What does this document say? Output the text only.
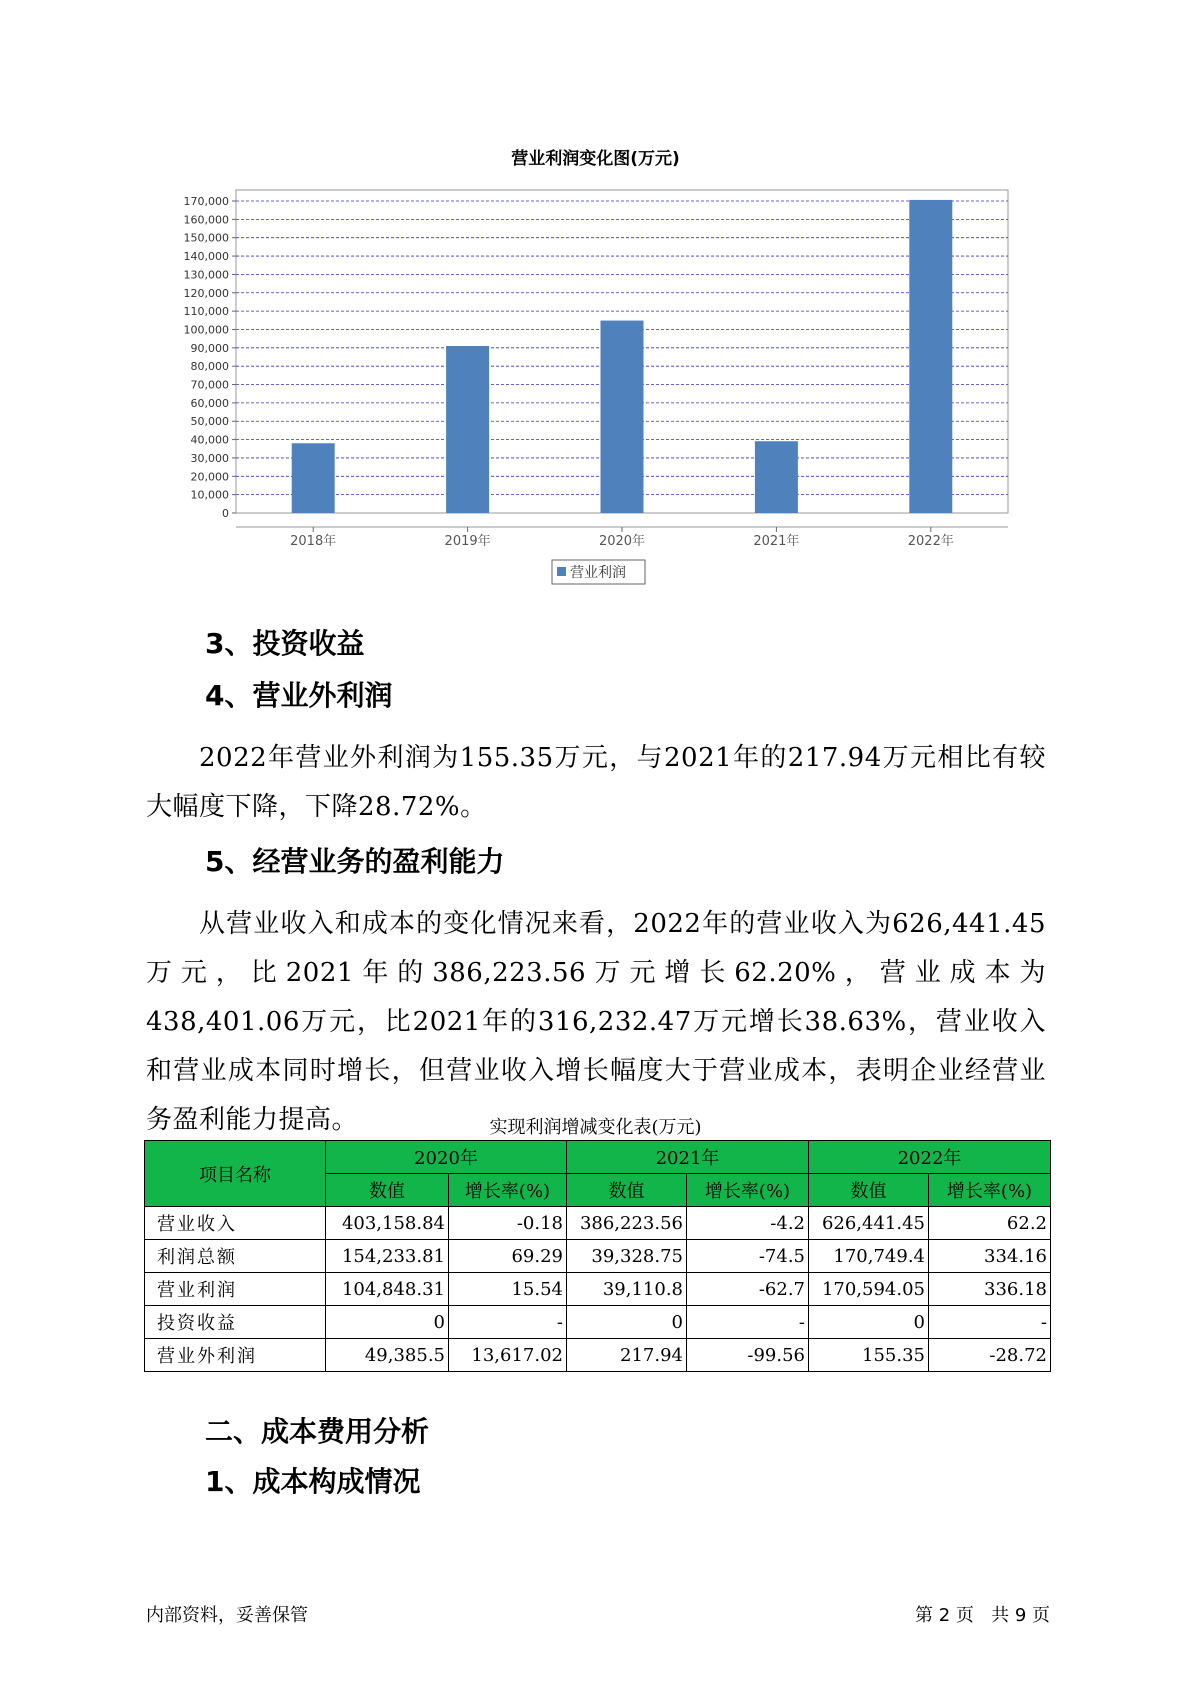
营业利润变化图(万元)
0
10,000
20,000
30,000
40,000
50,000
60,000
70,000
80,000
90,000
100,000
110,000
120,000
130,000
140,000
150,000
160,000
170,000
2018年	2019年	2020年	2021年	2022年
营业利润
3、投资收益
4、营业外利润

2022年营业外利润为155.35万元，与2021年的217.94万元相比有较大幅度下降，下降28.72%。

5、经营业务的盈利能力

从营业收入和成本的变化情况来看，2022年的营业收入为626,441.45万元，比2021年的386,223.56万元增长62.20%，营业成本为438,401.06万元，比2021年的316,232.47万元增长38.63%，营业收入和营业成本同时增长，但营业收入增长幅度大于营业成本，表明企业经营业务盈利能力提高。	实现利润增减变化表(万元)
项目名称	2020年		2021年		2022年	
	数值	增长率(%)	数值	增长率(%)	数值	增长率(%)
营业收入	403,158.84	-0.18	386,223.56	-4.2	626,441.45	62.2
利润总额	154,233.81	69.29	39,328.75	-74.5	170,749.4	334.16
营业利润	104,848.31	15.54	39,110.8	-62.7	170,594.05	336.18
投资收益	0	-	0	-	0	-
营业外利润	49,385.5	13,617.02	217.94	-99.56	155.35	-28.72
二、成本费用分析
1、成本构成情况
内部资料，妥善保管	第 2 页   共 9 页
